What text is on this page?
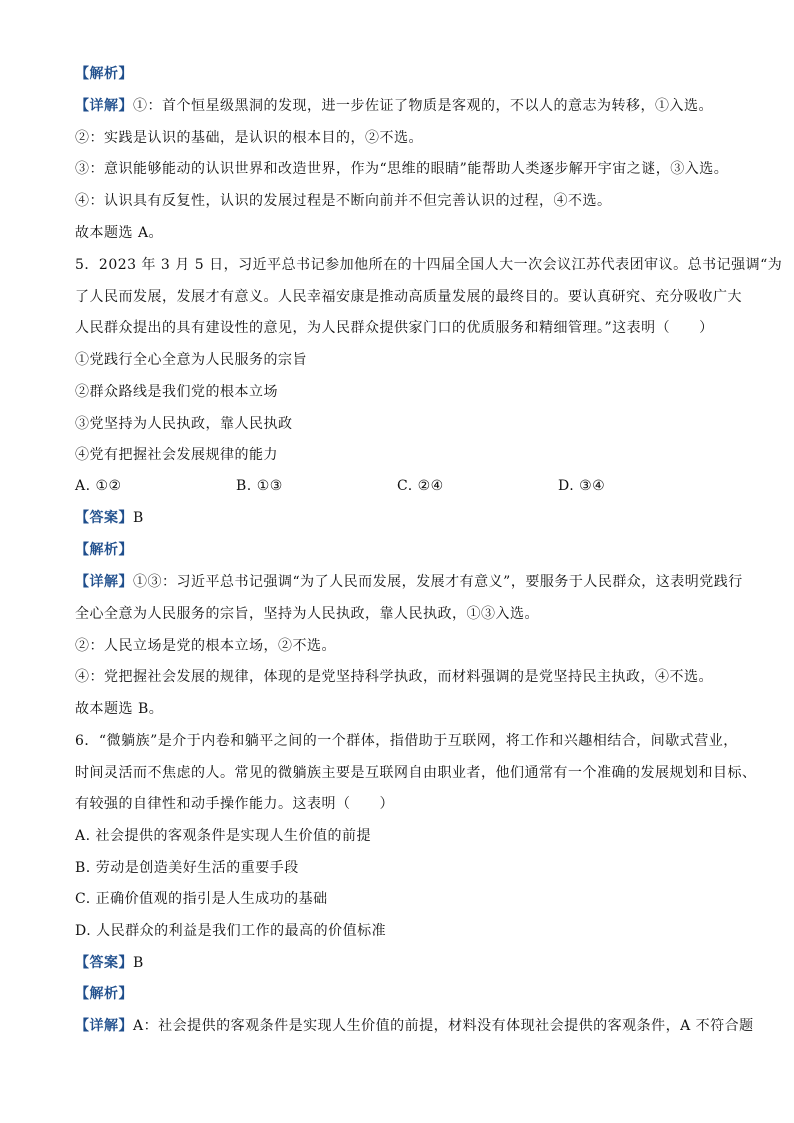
【解析】
【详解】①：首个恒星级黑洞的发现，进一步佐证了物质是客观的，不以人的意志为转移，①入选。
②：实践是认识的基础，是认识的根本目的，②不选。
③：意识能够能动的认识世界和改造世界，作为“思维的眼睛”能帮助人类逐步解开宇宙之谜，③入选。
④：认识具有反复性，认识的发展过程是不断向前并不但完善认识的过程，④不选。
故本题选 A。
5．2023 年 3 月 5 日，习近平总书记参加他所在的十四届全国人大一次会议江苏代表团审议。总书记强调“为
了人民而发展，发展才有意义。人民幸福安康是推动高质量发展的最终目的。要认真研究、充分吸收广大
人民群众提出的具有建设性的意见，为人民群众提供家门口的优质服务和精细管理。”这表明（　　）
①党践行全心全意为人民服务的宗旨
②群众路线是我们党的根本立场
③党坚持为人民执政，靠人民执政
④党有把握社会发展规律的能力
A. ①②	B. ①③	C. ②④	D. ③④
【答案】B
【解析】
【详解】①③：习近平总书记强调“为了人民而发展，发展才有意义”，要服务于人民群众，这表明党践行
全心全意为人民服务的宗旨，坚持为人民执政，靠人民执政，①③入选。
②：人民立场是党的根本立场，②不选。
④：党把握社会发展的规律，体现的是党坚持科学执政，而材料强调的是党坚持民主执政，④不选。
故本题选 B。
6．“微躺族”是介于内卷和躺平之间的一个群体，指借助于互联网，将工作和兴趣相结合，间歇式营业，
时间灵活而不焦虑的人。常见的微躺族主要是互联网自由职业者，他们通常有一个准确的发展规划和目标、
有较强的自律性和动手操作能力。这表明（　　）
A. 社会提供的客观条件是实现人生价值的前提
B. 劳动是创造美好生活的重要手段
C. 正确价值观的指引是人生成功的基础
D. 人民群众的利益是我们工作的最高的价值标准
【答案】B
【解析】
【详解】A：社会提供的客观条件是实现人生价值的前提，材料没有体现社会提供的客观条件，A 不符合题
